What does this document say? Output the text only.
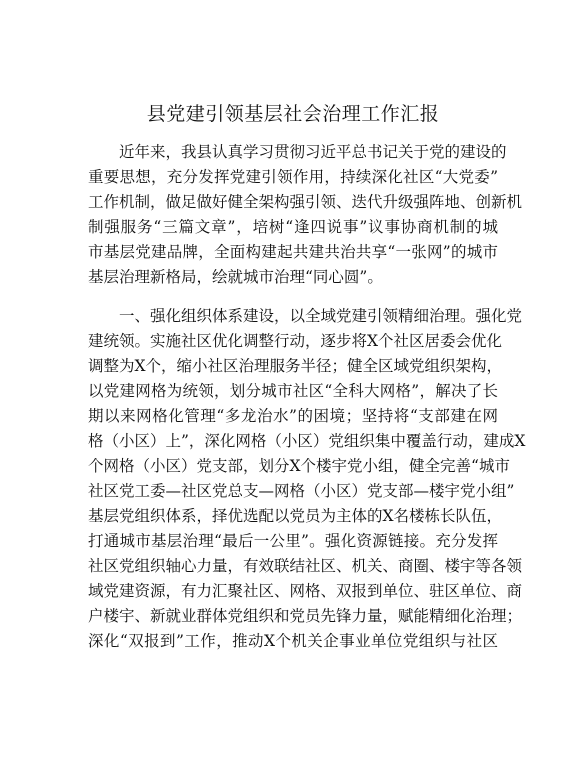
县党建引领基层社会治理工作汇报
近年来，我县认真学习贯彻习近平总书记关于党的建设的
重要思想，充分发挥党建引领作用，持续深化社区“大党委”
工作机制，做足做好健全架构强引领、迭代升级强阵地、创新机
制强服务“三篇文章”，培树“逢四说事”议事协商机制的城
市基层党建品牌，全面构建起共建共治共享“一张网”的城市
基层治理新格局，绘就城市治理“同心圆”。
一、强化组织体系建设，以全域党建引领精细治理。强化党
建统领。实施社区优化调整行动，逐步将X个社区居委会优化
调整为X个，缩小社区治理服务半径；健全区域党组织架构，
以党建网格为统领，划分城市社区“全科大网格”，解决了长
期以来网格化管理“多龙治水”的困境；坚持将“支部建在网
格（小区）上”，深化网格（小区）党组织集中覆盖行动，建成X
个网格（小区）党支部，划分X个楼宇党小组，健全完善“城市
社区党工委—社区党总支—网格（小区）党支部—楼宇党小组”
基层党组织体系，择优选配以党员为主体的X名楼栋长队伍，
打通城市基层治理“最后一公里”。强化资源链接。充分发挥
社区党组织轴心力量，有效联结社区、机关、商圈、楼宇等各领
域党建资源，有力汇聚社区、网格、双报到单位、驻区单位、商
户楼宇、新就业群体党组织和党员先锋力量，赋能精细化治理；
深化“双报到”工作，推动X个机关企事业单位党组织与社区
